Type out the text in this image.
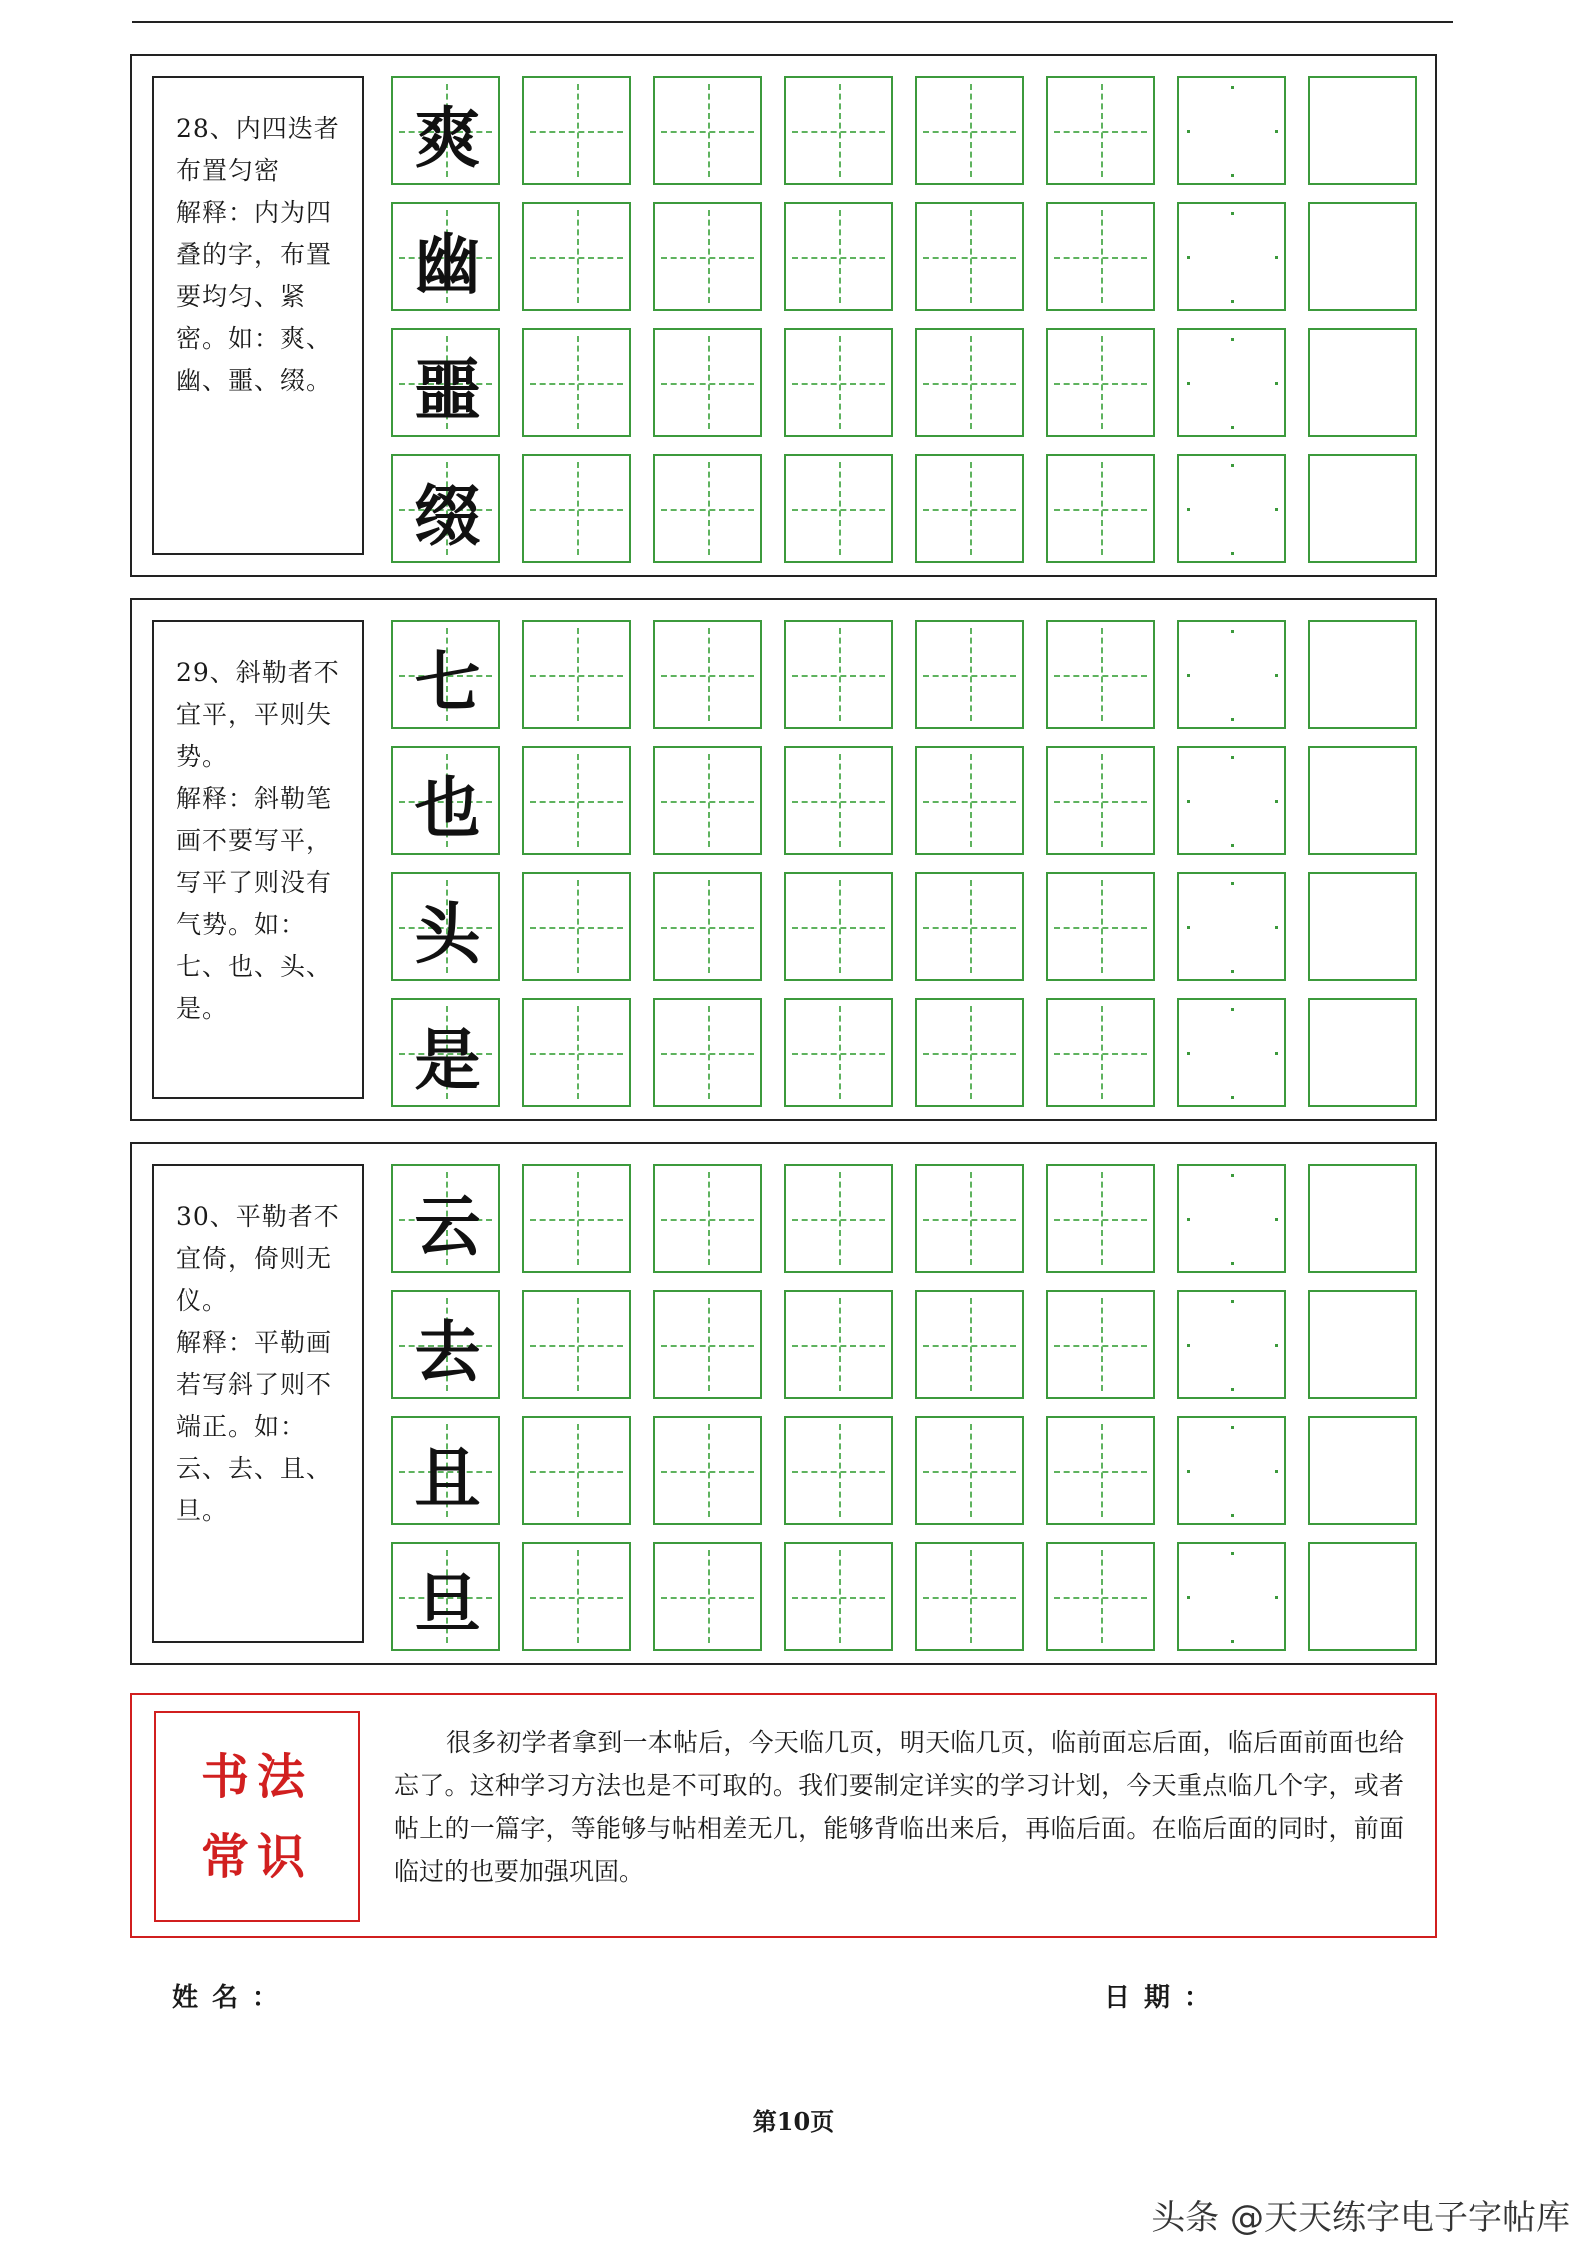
28、内四迭者布置匀密
解释：内为四叠的字，布置要均匀、紧密。如：爽、幽、噩、缀。
爽
幽
噩
缀
29、斜勒者不宜平，平则失势。
解释：斜勒笔画不要写平，写平了则没有气势。如：七、也、头、是。
七
也
头
是
30、平勒者不宜倚，倚则无仪。
解释：平勒画若写斜了则不端正。如：云、去、且、旦。
云
去
且
旦
书法
常识
很多初学者拿到一本帖后，今天临几页，明天临几页，临前面忘后面，临后面前面也给忘了。这种学习方法也是不可取的。我们要制定详实的学习计划，今天重点临几个字，或者帖上的一篇字，等能够与帖相差无几，能够背临出来后，再临后面。在临后面的同时，前面临过的也要加强巩固。
姓名：	日期：
第10页
头条 @天天练字电子字帖库
